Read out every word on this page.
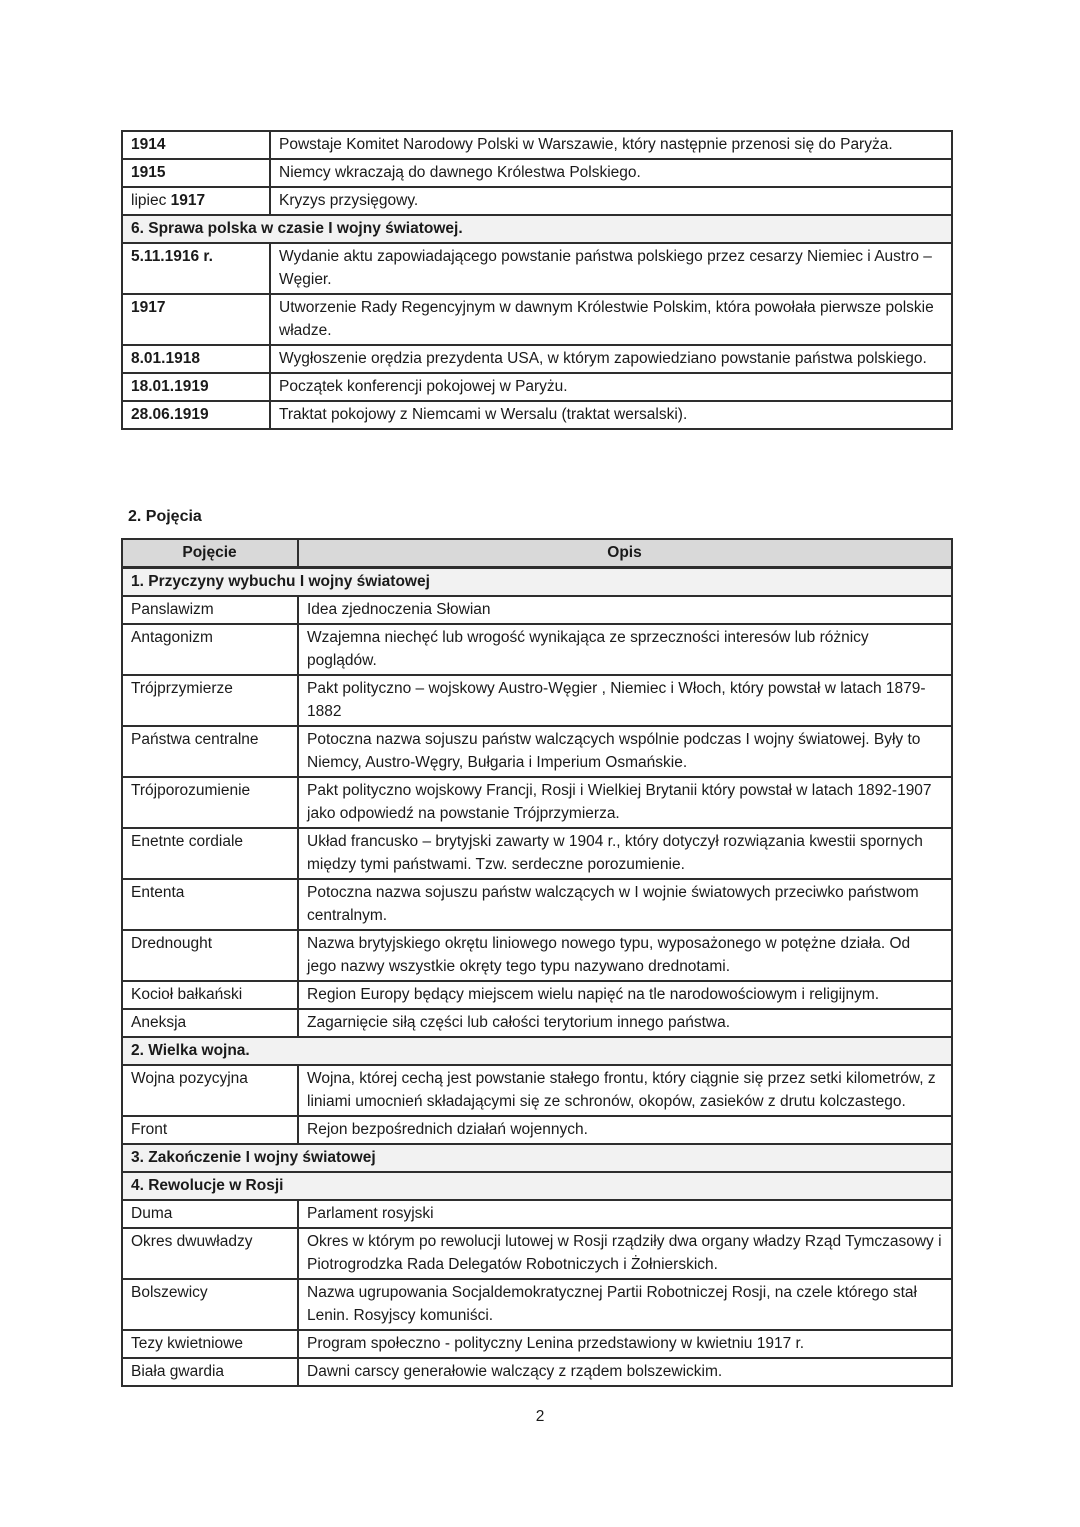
1914	Powstaje Komitet Narodowy Polski w Warszawie, który następnie przenosi się do Paryża.
1915	Niemcy wkraczają do dawnego Królestwa Polskiego.
lipiec 1917	Kryzys przysięgowy.
6. Sprawa polska w czasie I wojny światowej.	
5.11.1916 r.	Wydanie aktu zapowiadającego powstanie państwa polskiego przez cesarzy Niemiec i Austro – Węgier.
1917	Utworzenie Rady Regencyjnym w dawnym Królestwie Polskim, która powołała pierwsze polskie władze.
8.01.1918	Wygłoszenie orędzia prezydenta USA, w którym zapowiedziano powstanie państwa polskiego.
18.01.1919	Początek konferencji pokojowej w Paryżu.
28.06.1919	Traktat pokojowy z Niemcami w Wersalu (traktat wersalski).
2. Pojęcia
Pojęcie	Opis
1. Przyczyny wybuchu I wojny światowej	
Panslawizm	Idea zjednoczenia Słowian
Antagonizm	Wzajemna niechęć lub wrogość wynikająca ze sprzeczności interesów lub różnicy poglądów.
Trójprzymierze	Pakt polityczno – wojskowy Austro-Węgier , Niemiec i Włoch, który powstał w latach 1879-1882
Państwa centralne	Potoczna nazwa sojuszu państw walczących wspólnie podczas I wojny światowej. Były to Niemcy, Austro-Węgry, Bułgaria i Imperium Osmańskie.
Trójporozumienie	Pakt polityczno wojskowy Francji, Rosji i Wielkiej Brytanii który powstał w latach 1892-1907 jako odpowiedź na powstanie Trójprzymierza.
Enetnte cordiale	Układ francusko – brytyjski zawarty w 1904 r., który dotyczył rozwiązania kwestii spornych między tymi państwami. Tzw. serdeczne porozumienie.
Ententa	Potoczna nazwa sojuszu państw walczących w I wojnie światowych przeciwko państwom centralnym.
Drednought	Nazwa brytyjskiego okrętu liniowego nowego typu, wyposażonego w potężne działa. Od jego nazwy wszystkie okręty tego typu nazywano drednotami.
Kocioł bałkański	Region Europy będący miejscem wielu napięć na tle narodowościowym i religijnym.
Aneksja	Zagarnięcie siłą części lub całości terytorium innego państwa.
2. Wielka wojna.	
Wojna pozycyjna	Wojna, której cechą jest powstanie stałego frontu, który ciągnie się przez setki kilometrów, z liniami umocnień składającymi się ze schronów, okopów, zasieków z drutu kolczastego.
Front	Rejon bezpośrednich działań wojennych.
3. Zakończenie I wojny światowej	
4. Rewolucje w Rosji	
Duma	Parlament rosyjski
Okres dwuwładzy	Okres w którym po rewolucji lutowej w Rosji rządziły dwa organy władzy Rząd Tymczasowy i Piotrogrodzka Rada Delegatów Robotniczych i Żołnierskich.
Bolszewicy	Nazwa ugrupowania Socjaldemokratycznej Partii Robotniczej Rosji, na czele którego stał Lenin. Rosyjscy komuniści.
Tezy kwietniowe	Program społeczno - polityczny Lenina przedstawiony w kwietniu 1917 r.
Biała gwardia	Dawni carscy generałowie walczący z rządem bolszewickim.
2
